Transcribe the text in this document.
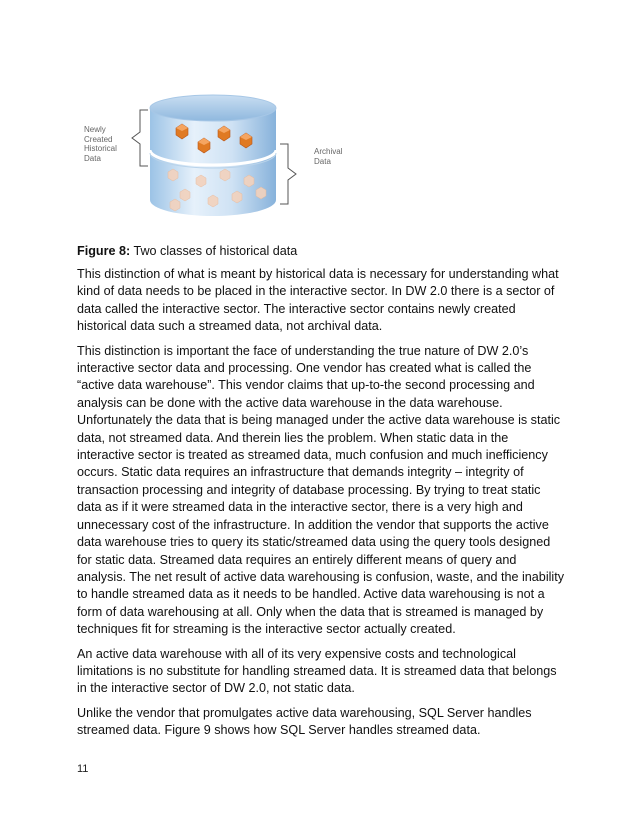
Newly
Created
Historical
Data
Archival
Data
Figure 8: Two classes of historical data

This distinction of what is meant by historical data is necessary for understanding what kind of data needs to be placed in the interactive sector. In DW 2.0 there is a sector of data called the interactive sector. The interactive sector contains newly created historical data such a streamed data, not archival data.

This distinction is important the face of understanding the true nature of DW 2.0’s interactive sector data and processing. One vendor has created what is called the “active data warehouse”. This vendor claims that up-to-the second processing and analysis can be done with the active data warehouse in the data warehouse. Unfortunately the data that is being managed under the active data warehouse is static data, not streamed data. And therein lies the problem. When static data in the interactive sector is treated as streamed data, much confusion and much inefficiency occurs. Static data requires an infrastructure that demands integrity – integrity of transaction processing and integrity of database processing. By trying to treat static data as if it were streamed data in the interactive sector, there is a very high and unnecessary cost of the infrastructure. In addition the vendor that supports the active data warehouse tries to query its static/streamed data using the query tools designed for static data. Streamed data requires an entirely different means of query and analysis. The net result of active data warehousing is confusion, waste, and the inability to handle streamed data as it needs to be handled. Active data warehousing is not a form of data warehousing at all. Only when the data that is streamed is managed by techniques fit for streaming is the interactive sector actually created.

An active data warehouse with all of its very expensive costs and technological limitations is no substitute for handling streamed data. It is streamed data that belongs in the interactive sector of DW 2.0, not static data.

Unlike the vendor that promulgates active data warehousing, SQL Server handles streamed data. Figure 9 shows how SQL Server handles streamed data.

11
